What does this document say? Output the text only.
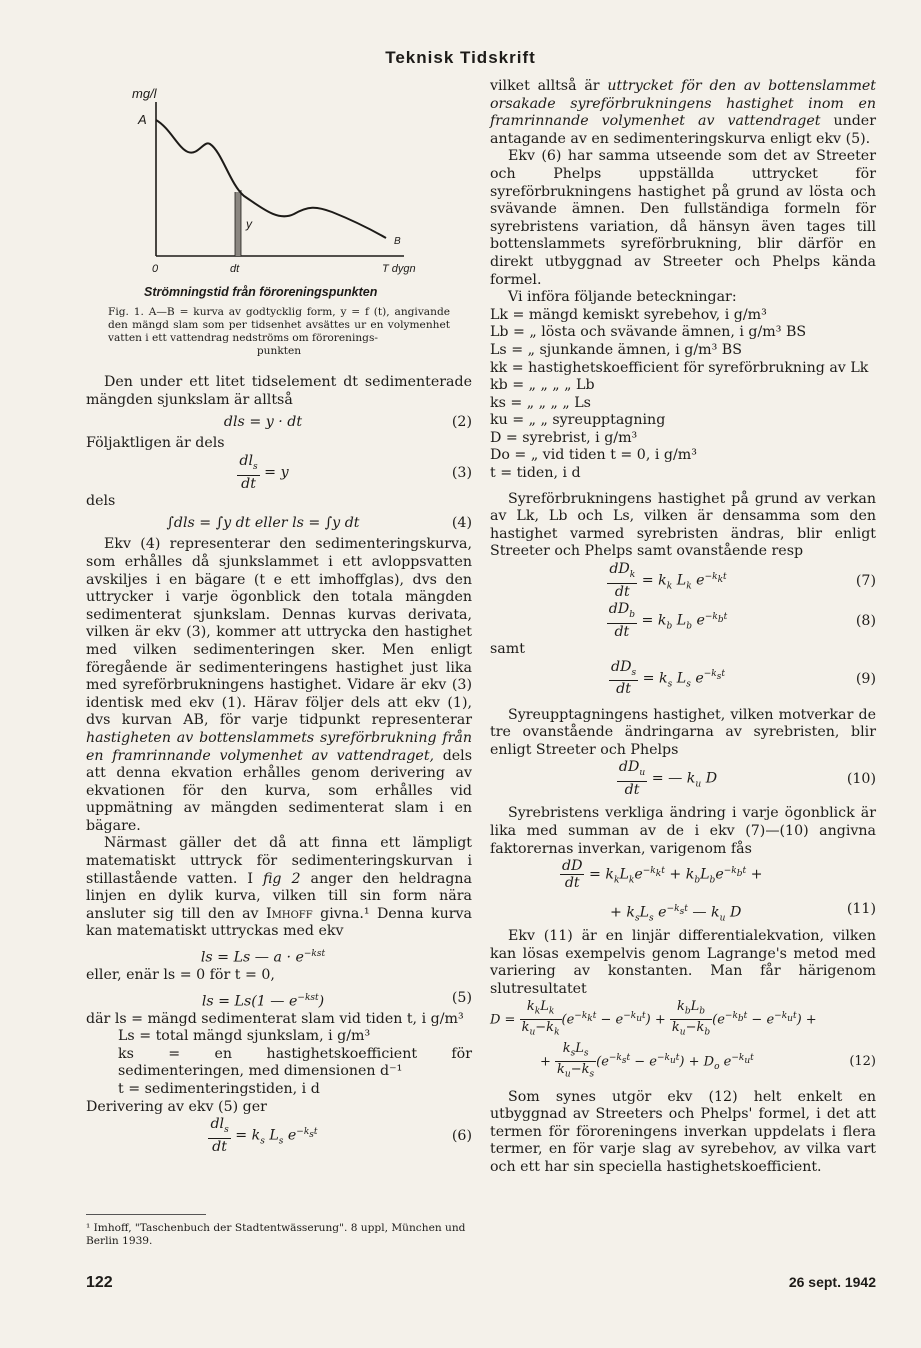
Teknisk Tidskrift
mg/l
A
B
y
0	dt	T dygn
Strömningstid från föroreningspunkten
Fig. 1. A—B = kurva av godtycklig form, y = f (t), angivande den mängd slam som per tidsenhet avsättes ur en volymenhet vatten i ett vattendrag nedströms om förorenings-
punkten

Den under ett litet tidselement dt sedimenterade mängden sjunkslam är alltså

dls = y · dt	(2)

Följaktligen är dels

$\frac{dl_s}{dt} = y$	(3)

dels

∫dls = ∫y dt eller ls = ∫y dt	(4)

Ekv (4) representerar den sedimenteringskurva, som erhålles då sjunkslammet i ett avloppsvatten avskiljes i en bägare (t e ett imhoffglas), dvs den uttrycker i varje ögonblick den totala mängden sedimenterat sjunkslam. Dennas kurvas derivata, vilken är ekv (3), kommer att uttrycka den hastighet med vilken sedimenteringen sker. Men enligt föregående är sedimenteringens hastighet just lika med syreförbrukningens hastighet. Vidare är ekv (3) identisk med ekv (1). Härav följer dels att ekv (1), dvs kurvan AB, för varje tidpunkt representerar hastigheten av bottenslammets syreförbrukning från en framrinnande volymenhet av vattendraget, dels att denna ekvation erhålles genom derivering av ekvationen för den kurva, som erhålles vid uppmätning av mängden sedimenterat slam i en bägare.

Närmast gäller det då att finna ett lämpligt matematiskt uttryck för sedimenteringskurvan i stillastående vatten. I fig 2 anger den heldragna linjen en dylik kurva, vilken till sin form nära ansluter sig till den av Imhoff givna.¹ Denna kurva kan matematiskt uttryckas med ekv

ls = Ls — $a \cdot e^{-kst}$

eller, enär ls = 0 för t = 0,

ls = Ls(1 — $e^{-kst}$)	(5)
där ls = mängd sedimenterat slam vid tiden t, i g/m³
Ls = total mängd sjunkslam, i g/m³
ks = en hastighetskoefficient för sedimenteringen, med dimensionen d⁻¹
t = sedimenteringstiden, i d

Derivering av ekv (5) ger

$\frac{dl_s}{dt} = k_s$ $L_s$ $e^{-k_st}$	(6)
¹ Imhoff, "Taschenbuch der Stadtentwässerung". 8 uppl, München und Berlin 1939.

vilket alltså är uttrycket för den av bottenslammet orsakade syreförbrukningens hastighet inom en framrinnande volymenhet av vattendraget under antagande av en sedimenteringskurva enligt ekv (5).

Ekv (6) har samma utseende som det av Streeter och Phelps uppställda uttrycket för syreförbrukningens hastighet på grund av lösta och svävande ämnen. Den fullständiga formeln för syrebristens variation, då hänsyn även tages till bottenslammets syreförbrukning, blir därför en direkt utbyggnad av Streeter och Phelps kända formel.

Vi införa följande beteckningar:

Lk = mängd kemiskt syrebehov, i g/m³
Lb = „ lösta och svävande ämnen, i g/m³ BS
Ls = „ sjunkande ämnen, i g/m³ BS
kk = hastighetskoefficient för syreförbrukning av Lk
kb = „ „ „ „ Lb
ks = „ „ „ „ Ls
ku = „ „ syreupptagning
D = syrebrist, i g/m³
Do = „ vid tiden t = 0, i g/m³
t = tiden, i d

Syreförbrukningens hastighet på grund av verkan av Lk, Lb och Ls, vilken är densamma som den hastighet varmed syrebristen ändras, blir enligt Streeter och Phelps samt ovanstående resp

$\frac{dD_k}{dt} = k_k$ $L_k$ $e^{-k_kt}$	(7)
$\frac{dD_b}{dt} = k_b$ $L_b$ $e^{-k_bt}$	(8)

samt

$\frac{dD_s}{dt} = k_s$ $L_s$ $e^{-k_st}$	(9)

Syreupptagningens hastighet, vilken motverkar de tre ovanstående ändringarna av syrebristen, blir enligt Streeter och Phelps

$\frac{dD_u}{dt}$ = — $k_u$ D	(10)

Syrebristens verkliga ändring i varje ögonblick är lika med summan av de i ekv (7)—(10) angivna faktorernas inverkan, varigenom fås

$\frac{dD}{dt} = k_kL_ke^{-k_kt} + k_bL_be^{-k_bt}$ +
+ $k_sL_s$ $e^{-k_st}$ — $k_u$ D	(11)

Ekv (11) är en linjär differentialekvation, vilken kan lösas exempelvis genom Lagrange's metod med variering av konstanten. Man får härigenom slutresultatet

$D = \frac{k_kL_k}{k_u-k_k} (e^{-k_kt} - e^{-k_ut}) + \frac{k_bL_b}{k_u-k_b} (e^{-k_bt} - e^{-k_ut})$ +
+ $\frac{k_sL_s}{k_u-k_s} (e^{-k_st} - e^{-k_ut}) + D_o$ $e^{-k_ut}$	(12)

Som synes utgör ekv (12) helt enkelt en utbyggnad av Streeters och Phelps' formel, i det att termen för föroreningens inverkan uppdelats i flera termer, en för varje slag av syrebehov, av vilka vart och ett har sin speciella hastighetskoefficient.

122	26 sept. 1942
